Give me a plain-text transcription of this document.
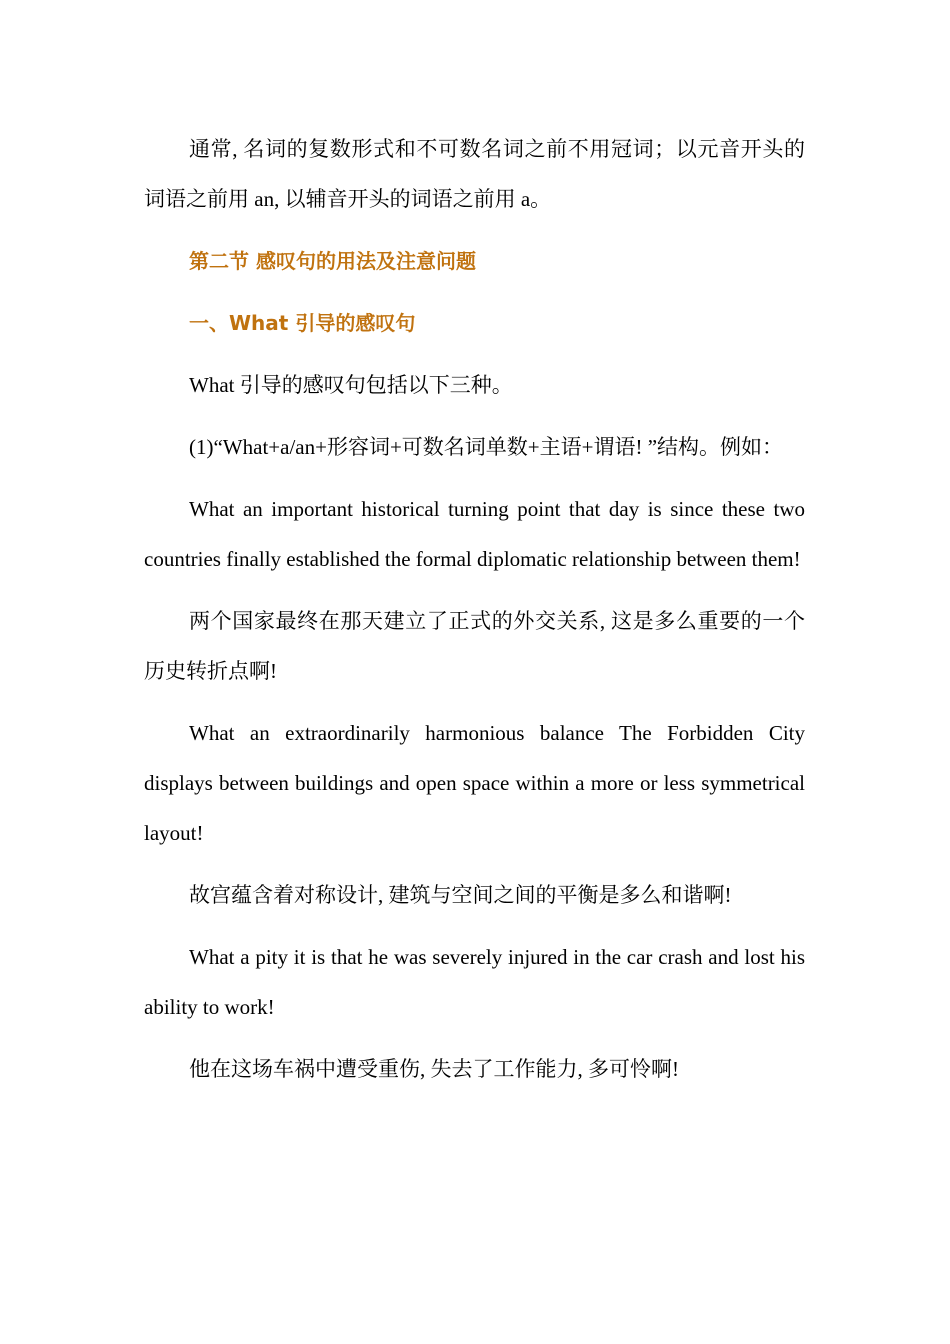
通常, 名词的复数形式和不可数名词之前不用冠词；以元音开头的词语之前用 an, 以辅音开头的词语之前用 a。

第二节 感叹句的用法及注意问题

一、What 引导的感叹句

What 引导的感叹句包括以下三种。

(1)“What+a/an+形容词+可数名词单数+主语+谓语! ”结构。例如：

What an important historical turning point that day is since these two countries finally established the formal diplomatic relationship between them!

两个国家最终在那天建立了正式的外交关系, 这是多么重要的一个历史转折点啊!

What an extraordinarily harmonious balance The Forbidden City displays between buildings and open space within a more or less symmetrical layout!

故宫蕴含着对称设计, 建筑与空间之间的平衡是多么和谐啊!

What a pity it is that he was severely injured in the car crash and lost his ability to work!

他在这场车祸中遭受重伤, 失去了工作能力, 多可怜啊!
